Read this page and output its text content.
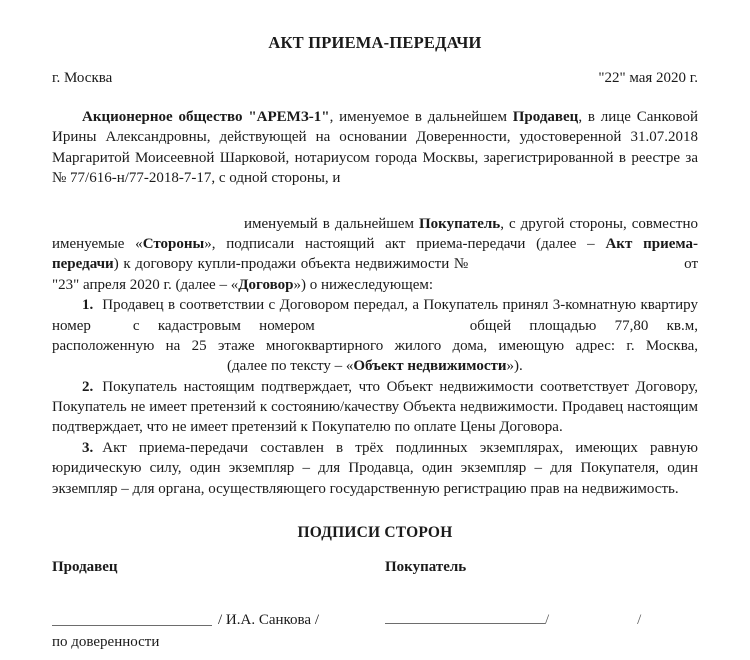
АКТ ПРИЕМА-ПЕРЕДАЧИ
г. Москва	"22" мая 2020 г.

Акционерное общество "АРЕМЗ-1", именуемое в дальнейшем Продавец, в лице Санковой Ирины Александровны, действующей на основании Доверенности, удостоверенной 31.07.2018 Маргаритой Моисеевной Шарковой, нотариусом города Москвы, зарегистрированной в реестре за № 77/616-н/77-2018-7-17, с одной стороны, и

именуемый в дальнейшем Покупатель, с другой стороны, совместно именуемые «Стороны», подписали настоящий акт приема-передачи (далее – Акт приема-передачи) к договору купли-продажи объекта недвижимости №	от "23" апреля 2020 г. (далее – «Договор») о нижеследующем:

1. Продавец в соответствии с Договором передал, а Покупатель принял 3-комнатную квартиру номер	с кадастровым номером	общей площадью 77,80 кв.м, расположенную на 25 этаже многоквартирного жилого дома, имеющую адрес: г. Москва,(далее по тексту – «Объект недвижимости»).

2. Покупатель настоящим подтверждает, что Объект недвижимости соответствует Договору, Покупатель не имеет претензий к состоянию/качеству Объекта недвижимости. Продавец настоящим подтверждает, что не имеет претензий к Покупателю по оплате Цены Договора.

3. Акт приема-передачи составлен в трёх подлинных экземплярах, имеющих равную юридическую силу, один экземпляр – для Продавца, один экземпляр – для Покупателя, один экземпляр – для органа, осуществляющего государственную регистрацию прав на недвижимость.

ПОДПИСИ СТОРОН
Продавец	Покупатель
/ И.А. Санкова /	/	/
по доверенности
